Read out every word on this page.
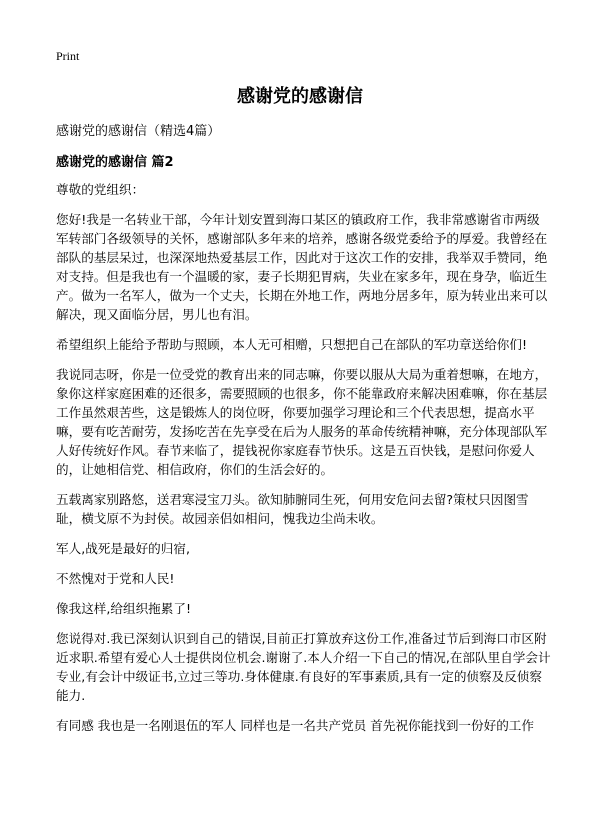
Print
感谢党的感谢信

感谢党的感谢信（精选4篇）

感谢党的感谢信 篇2

尊敬的党组织：

您好!我是一名转业干部，今年计划安置到海口某区的镇政府工作，我非常感谢省市两级军转部门各级领导的关怀，感谢部队多年来的培养，感谢各级党委给予的厚爱。我曾经在部队的基层呆过，也深深地热爱基层工作，因此对于这次工作的安排，我举双手赞同，绝对支持。但是我也有一个温暖的家，妻子长期犯胃病，失业在家多年，现在身孕，临近生产。做为一名军人，做为一个丈夫，长期在外地工作，两地分居多年，原为转业出来可以解决，现又面临分居，男儿也有泪。

希望组织上能给予帮助与照顾，本人无可相赠，只想把自己在部队的军功章送给你们!

我说同志呀，你是一位受党的教育出来的同志嘛，你要以服从大局为重着想嘛，在地方，象你这样家庭困难的还很多，需要照顾的也很多，你不能靠政府来解决困难嘛，你在基层工作虽然艰苦些，这是锻炼人的岗位呀，你要加强学习理论和三个代表思想，提高水平嘛，要有吃苦耐劳，发扬吃苦在先享受在后为人服务的革命传统精神嘛，充分体现部队军人好传统好作风。春节来临了，提钱祝你家庭春节快乐。这是五百快钱，是慰问你爱人的，让她相信党、相信政府，你们的生活会好的。

五载离家别路悠，送君寒浸宝刀头。欲知肺腑同生死，何用安危问去留?策杖只因图雪耻，横戈原不为封侯。故园亲侣如相问，愧我边尘尚未收。

军人,战死是最好的归宿,

不然愧对于党和人民!

像我这样,给组织拖累了!

您说得对.我已深刻认识到自己的错误,目前正打算放弃这份工作,准备过节后到海口市区附近求职.希望有爱心人士提供岗位机会.谢谢了.本人介绍一下自己的情况,在部队里自学会计专业,有会计中级证书,立过三等功.身体健康.有良好的军事素质,具有一定的侦察及反侦察能力.

有同感 我也是一名刚退伍的军人 同样也是一名共产党员 首先祝你能找到一份好的工作
